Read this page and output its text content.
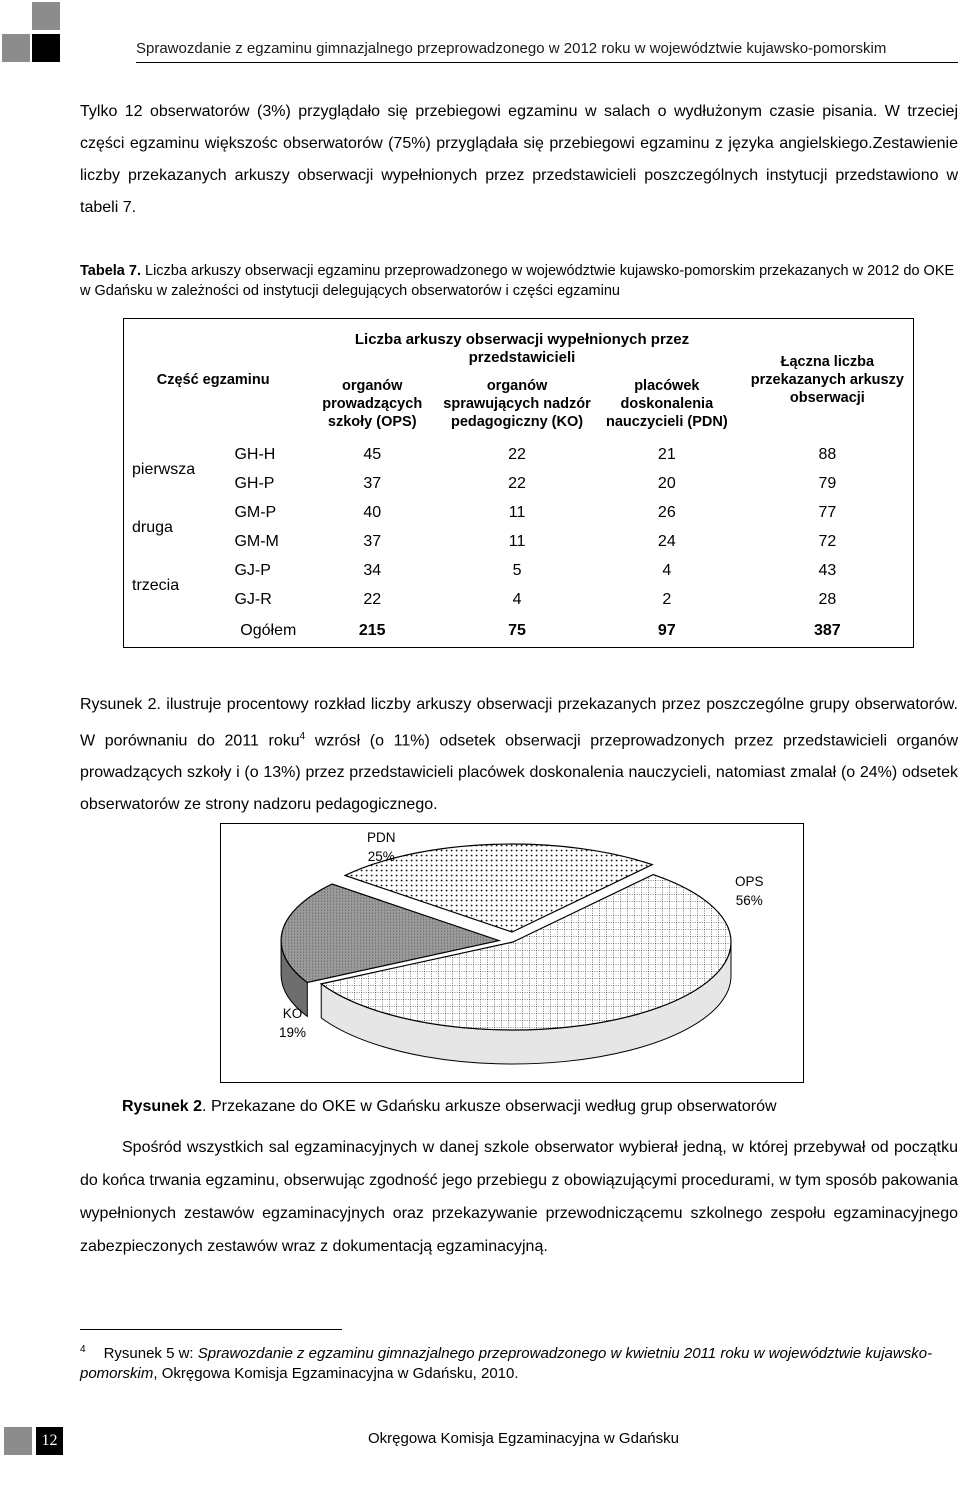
Sprawozdanie z egzaminu gimnazjalnego przeprowadzonego w 2012 roku w województwie kujawsko-pomorskim
Tylko 12 obserwatorów (3%) przyglądało się przebiegowi egzaminu w salach o wydłużonym czasie pisania. W trzeciej części egzaminu większośc obserwatorów (75%) przyglądała się przebiegowi egzaminu z języka angielskiego.Zestawienie liczby przekazanych arkuszy obserwacji wypełnionych przez przedstawicieli poszczególnych instytucji przedstawiono w tabeli 7.
Tabela 7. Liczba arkuszy obserwacji egzaminu przeprowadzonego w województwie kujawsko-pomorskim przekazanych w 2012 do OKE w Gdańsku w zależności od instytucji delegujących obserwatorów i części egzaminu
Część egzaminu		Liczba arkuszy obserwacji wypełnionych przez przedstawicieli			Łączna liczba przekazanych arkuszy obserwacji
		organów prowadzących szkoły (OPS)	organów sprawujących nadzór pedagogiczny (KO)	placówek doskonalenia nauczycieli (PDN)	
pierwsza	GH-H	45	22	21	88
	GH-P	37	22	20	79
druga	GM-P	40	11	26	77
	GM-M	37	11	24	72
trzecia	GJ-P	34	5	4	43
	GJ-R	22	4	2	28
Ogółem		215	75	97	387
Rysunek 2. ilustruje procentowy rozkład liczby arkuszy obserwacji przekazanych przez poszczególne grupy obserwatorów. W porównaniu do 2011 roku$^4$ wzrósł (o 11%) odsetek obserwacji przeprowadzonych przez przedstawicieli organów prowadzących szkoły i (o 13%) przez przedstawicieli placówek doskonalenia nauczycieli, natomiast zmalał (o 24%) odsetek obserwatorów ze strony nadzoru pedagogicznego.
PDN
25%
OPS
56%
KO
19%
Rysunek 2. Przekazane do OKE w Gdańsku arkusze obserwacji według grup obserwatorów
Spośród wszystkich sal egzaminacyjnych w danej szkole obserwator wybierał jedną, w której przebywał od początku do końca trwania egzaminu, obserwując zgodność jego przebiegu z obowiązującymi procedurami, w tym sposób pakowania wypełnionych zestawów egzaminacyjnych oraz przekazywanie przewodniczącemu szkolnego zespołu egzaminacyjnego zabezpieczonych zestawów wraz z dokumentacją egzaminacyjną.
$^4$ Rysunek 5 w: Sprawozdanie z egzaminu gimnazjalnego przeprowadzonego w kwietniu 2011 roku w województwie kujawsko-pomorskim, Okręgowa Komisja Egzaminacyjna w Gdańsku, 2010.
12	Okręgowa Komisja Egzaminacyjna w Gdańsku
